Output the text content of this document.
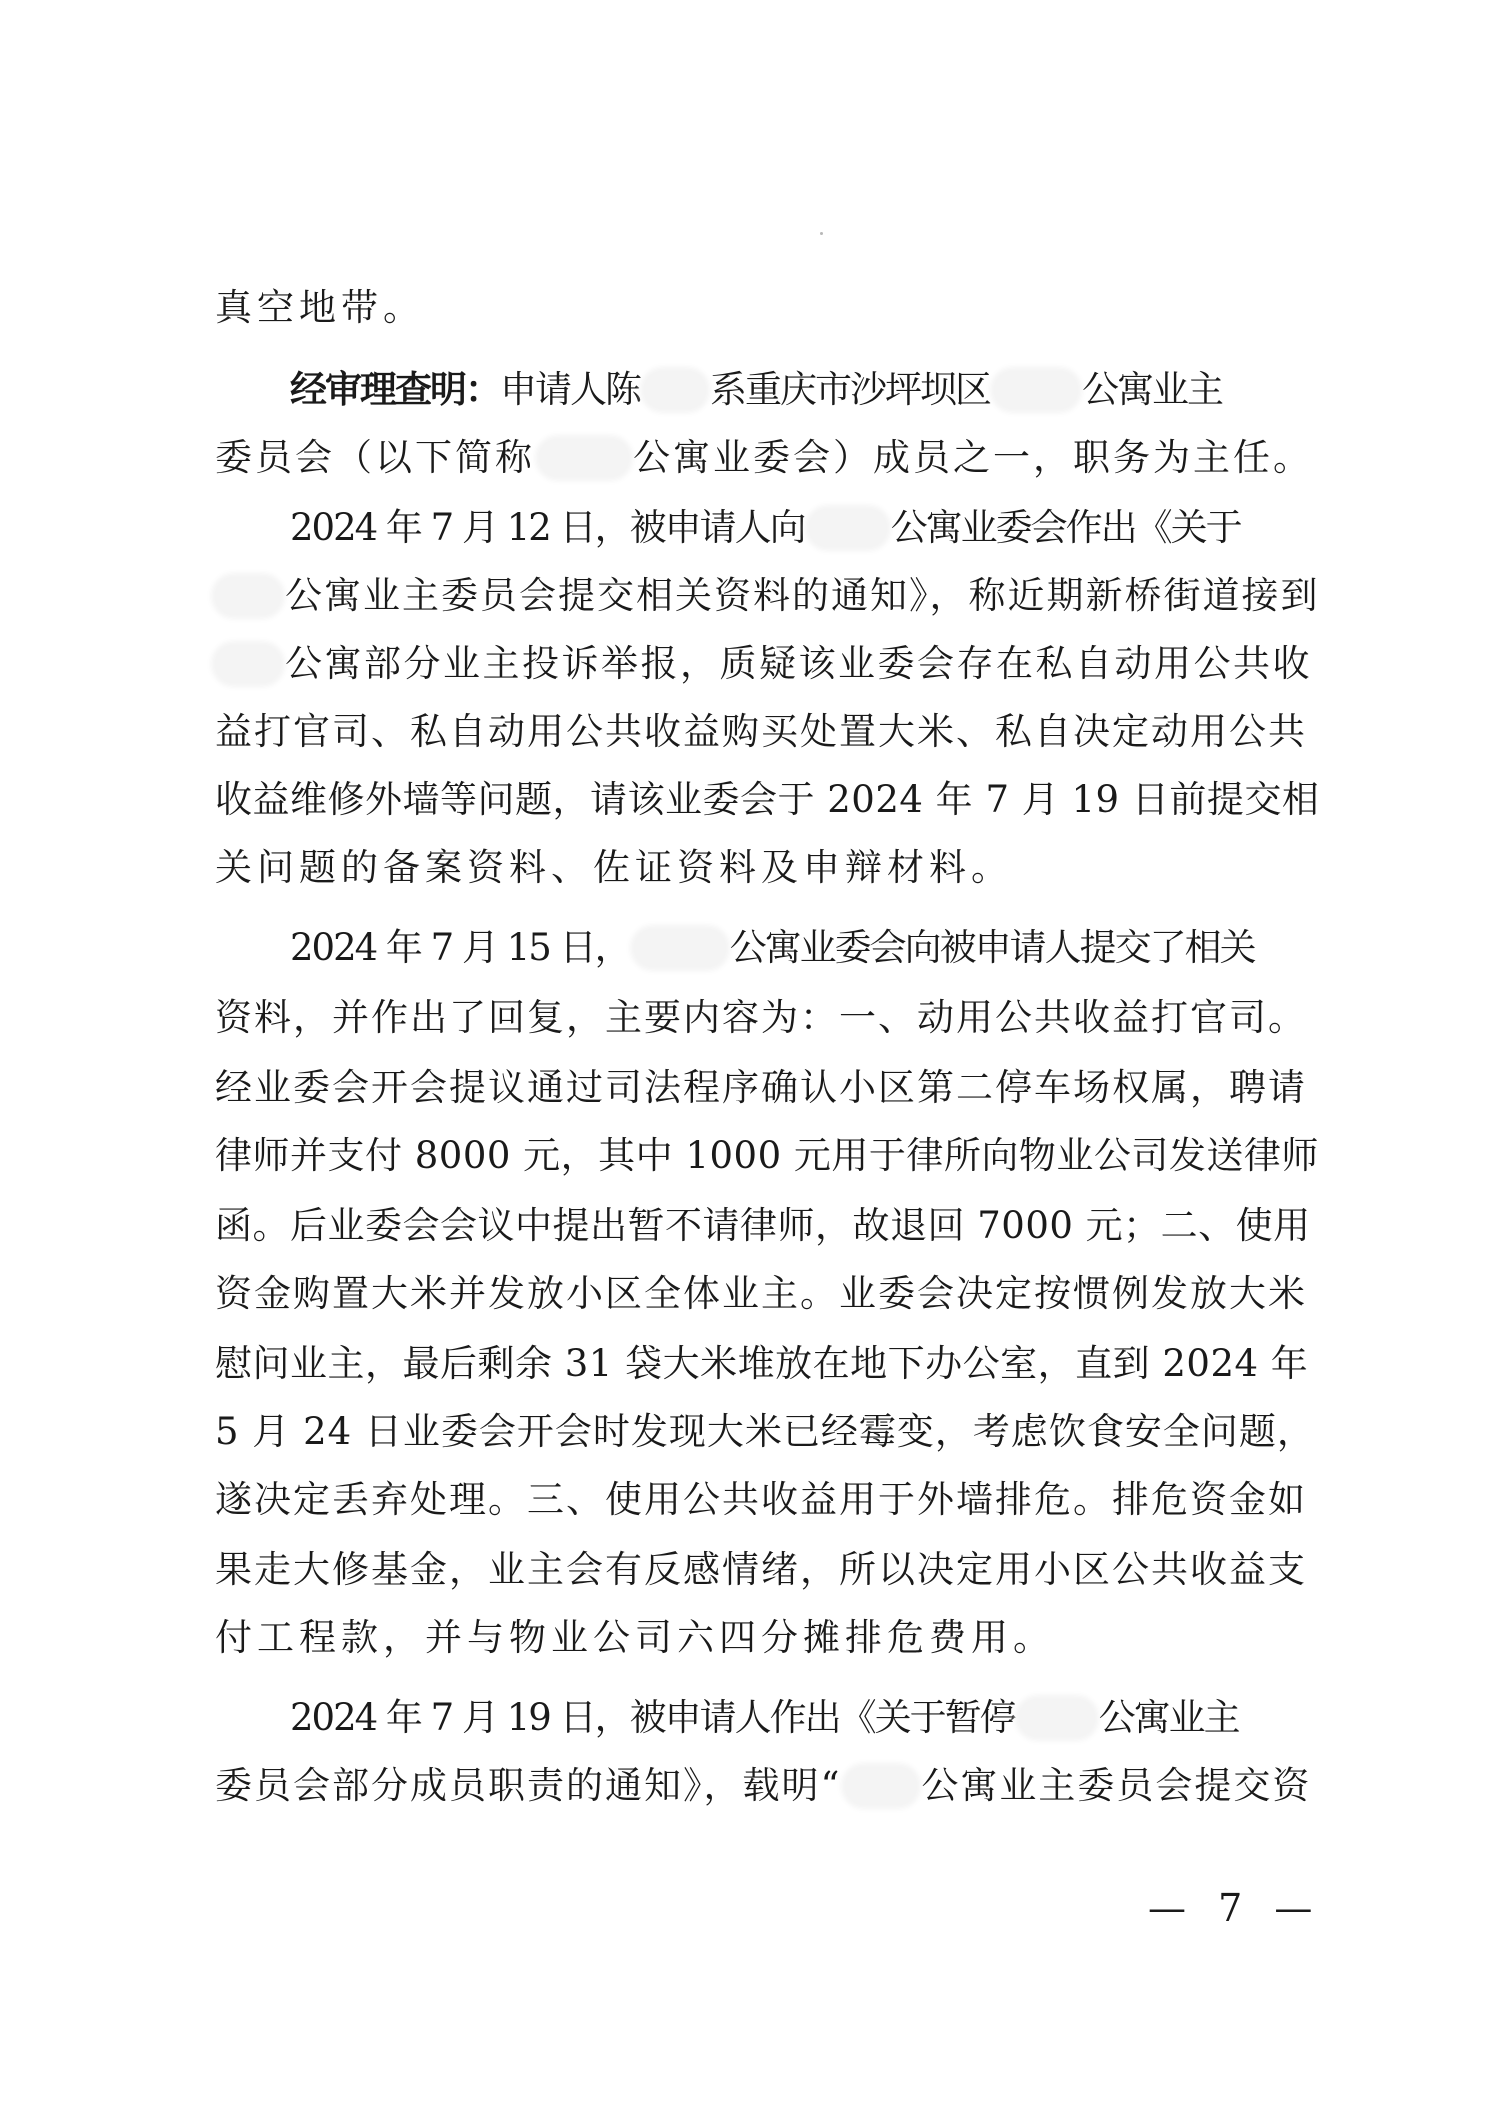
真空地带。
经审理查明：申请人陈 系重庆市沙坪坝区 公寓业主
委员会（以下简称	公寓业委会）成员之一，职务为主任。
2024 年 7 月 12 日，被申请人向 公寓业委会作出《关于
公寓业主委员会提交相关资料的通知》，称近期新桥街道接到
公寓部分业主投诉举报，质疑该业委会存在私自动用公共收
益打官司、私自动用公共收益购买处置大米、私自决定动用公共
收益维修外墙等问题，请该业委会于 2024 年 7 月 19 日前提交相
关问题的备案资料、佐证资料及申辩材料。
2024 年 7 月 15 日，	公寓业委会向被申请人提交了相关
资料，并作出了回复，主要内容为：一、动用公共收益打官司。
经业委会开会提议通过司法程序确认小区第二停车场权属，聘请
律师并支付 8000 元，其中 1000 元用于律所向物业公司发送律师
函。后业委会会议中提出暂不请律师，故退回 7000 元；二、使用
资金购置大米并发放小区全体业主。业委会决定按惯例发放大米
慰问业主，最后剩余 31 袋大米堆放在地下办公室，直到 2024 年
5 月 24 日业委会开会时发现大米已经霉变，考虑饮食安全问题，
遂决定丢弃处理。三、使用公共收益用于外墙排危。排危资金如
果走大修基金，业主会有反感情绪，所以决定用小区公共收益支
付工程款，并与物业公司六四分摊排危费用。
2024 年 7 月 19 日，被申请人作出《关于暂停 公寓业主
委员会部分成员职责的通知》，载明“ 公寓业主委员会提交资
— 7 —
